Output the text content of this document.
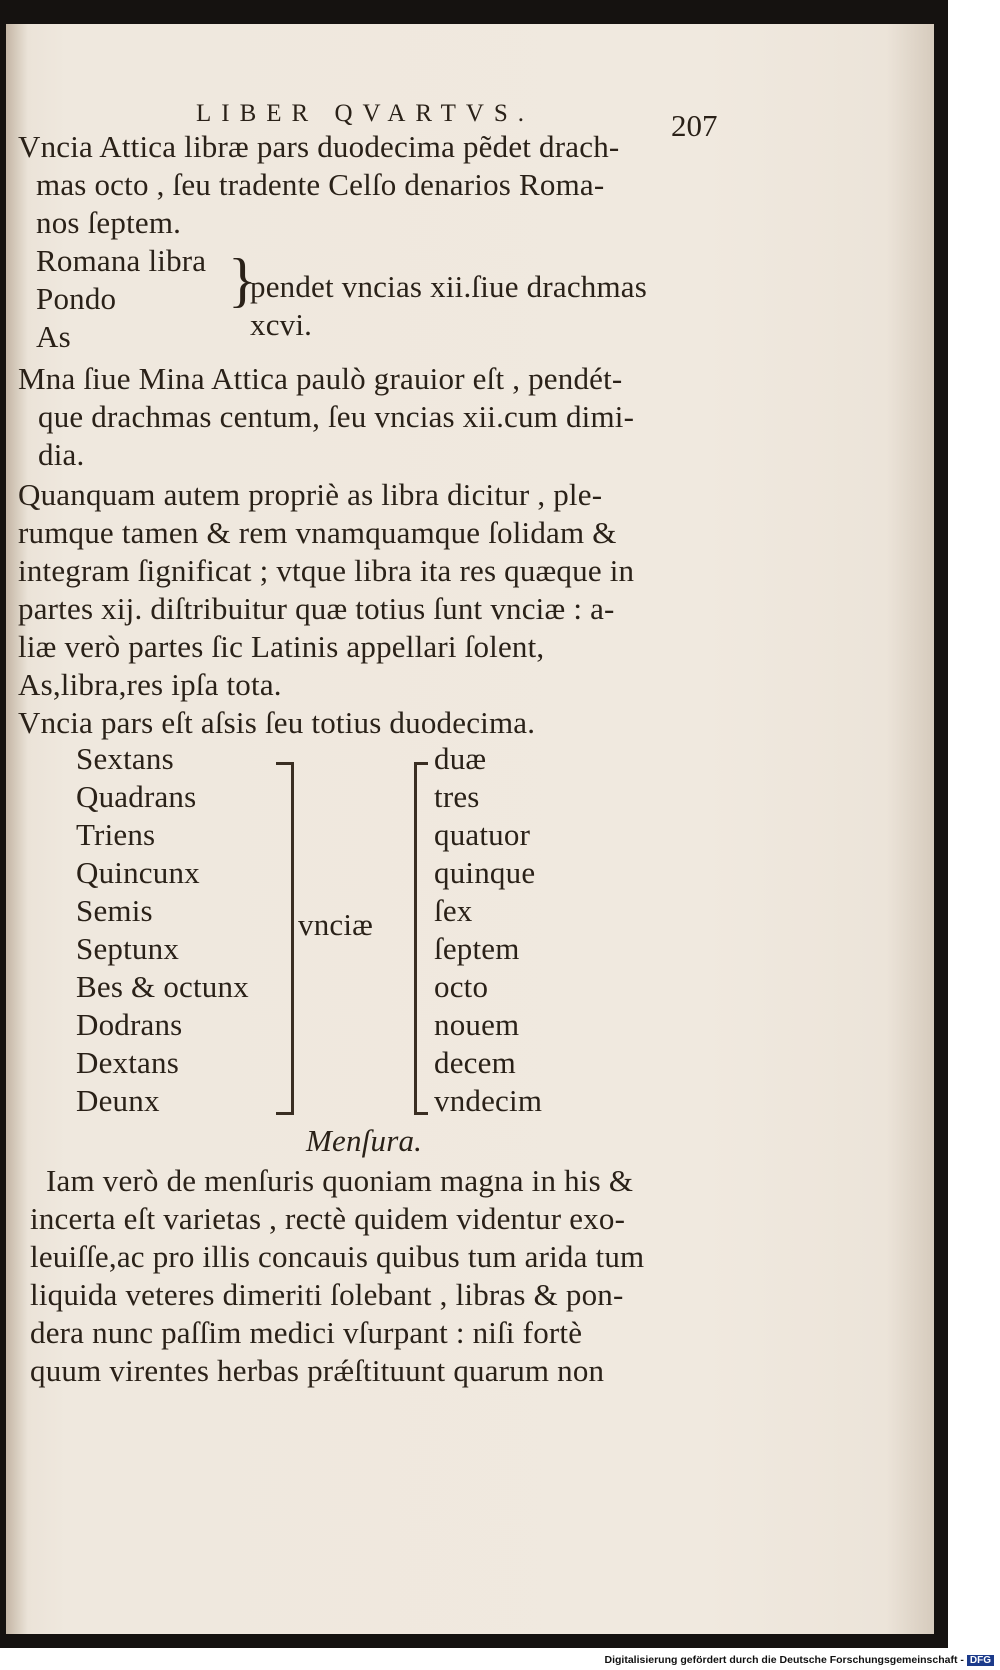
LIBER QVARTVS.	207
Vncia Attica libræ pars duodecima pẽdet drach-
mas octo , ſeu tradente Celſo denarios Roma-
nos ſeptem.
Romana libra
Pondo
As
}
pendet vncias xii.ſiue drachmas
xcvi.
Mna ſiue Mina Attica paulò grauior eſt , pendét-
que drachmas centum, ſeu vncias xii.cum dimi-
dia.
Quanquam autem propriè as libra dicitur , ple-
rumque tamen & rem vnamquamque ſolidam &
integram ſignificat ; vtque libra ita res quæque in
partes xij. diſtribuitur quæ totius ſunt vnciæ : a-
liæ verò partes ſic Latinis appellari ſolent,
As,libra,res ipſa tota.
Vncia pars eſt aſsis ſeu totius duodecima.
Sextans
Quadrans
Triens
Quincunx
Semis
Septunx
Bes & octunx
Dodrans
Dextans
Deunx
vnciæ
duæ
tres
quatuor
quinque
ſex
ſeptem
octo
nouem
decem
vndecim
Menſura.
Iam verò de menſuris quoniam magna in his &
incerta eſt varietas , rectè quidem videntur exo-
leuiſſe,ac pro illis concauis quibus tum arida tum
liquida veteres dimeriti ſolebant , libras & pon-
dera nunc paſſim medici vſurpant : niſi fortè
quum virentes herbas prǽſtituunt quarum non
Digitalisierung gefördert durch die Deutsche Forschungsgemeinschaft - DFG
